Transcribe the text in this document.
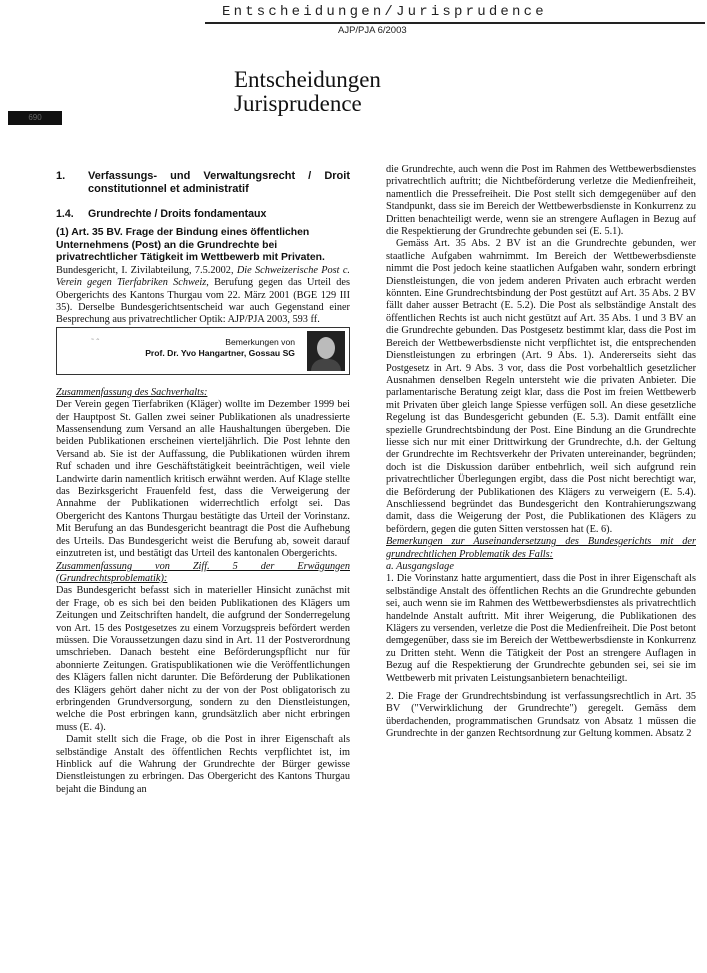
Entscheidungen/Jurisprudence
AJP/PJA 6/2003
690
Entscheidungen
Jurisprudence
1.	Verfassungs- und Verwaltungsrecht / Droit constitutionnel et administratif
1.4.	Grundrechte / Droits fondamentaux

(1) Art. 35 BV. Frage der Bindung eines öffentlichen Unternehmens (Post) an die Grundrechte bei privatrechtlicher Tätigkeit im Wettbewerb mit Privaten.

Bundesgericht, I. Zivilabteilung, 7.5.2002, Die Schweizerische Post c. Verein gegen Tierfabriken Schweiz, Berufung gegen das Urteil des Obergerichts des Kantons Thurgau vom 22. März 2001 (BGE 129 III 35). Derselbe Bundesgerichtsentscheid war auch Gegenstand einer Besprechung aus privatrechtlicher Optik: AJP/PJA 2003, 593 ff.

˜ ˆ	Bemerkungen von
Prof. Dr. Yvo Hangartner, Gossau SG

Zusammenfassung des Sachverhalts:

Der Verein gegen Tierfabriken (Kläger) wollte im Dezember 1999 bei der Hauptpost St. Gallen zwei seiner Publikationen als unadressierte Massensendung zum Versand an alle Haushaltungen übergeben. Die beiden Publikationen erscheinen vierteljährlich. Die Post lehnte den Versand ab. Sie ist der Auffassung, die Publikationen würden ihrem Ruf schaden und ihre Geschäftstätigkeit beeinträchtigen, weil viele Landwirte darin namentlich kritisch erwähnt werden. Auf Klage stellte das Bezirksgericht Frauenfeld fest, dass die Verweigerung der Annahme der Publikationen widerrechtlich erfolgt sei. Das Obergericht des Kantons Thurgau bestätigte das Urteil der Vorinstanz. Mit Berufung an das Bundesgericht beantragt die Post die Aufhebung des Urteils. Das Bundesgericht weist die Berufung ab, soweit darauf einzutreten ist, und bestätigt das Urteil des kantonalen Obergerichts.

Zusammenfassung von Ziff. 5 der Erwägungen (Grundrechtsproblematik):

Das Bundesgericht befasst sich in materieller Hinsicht zunächst mit der Frage, ob es sich bei den beiden Publikationen des Klägers um Zeitungen und Zeitschriften handelt, die aufgrund der Sonderregelung von Art. 15 des Postgesetzes zu einem Vorzugspreis befördert werden müssen. Die Voraussetzungen dazu sind in Art. 11 der Postverordnung umschrieben. Danach besteht eine Beförderungspflicht nur für abonnierte Zeitungen. Gratispublikationen wie die Veröffentlichungen des Klägers fallen nicht darunter. Die Beförderung der Publikationen des Klägers gehört daher nicht zu der von der Post obligatorisch zu erbringenden Grundversorgung, sondern zu den Dienstleistungen, welche die Post erbringen kann, grundsätzlich aber nicht erbringen muss (E. 4).

Damit stellt sich die Frage, ob die Post in ihrer Eigenschaft als selbständige Anstalt des öffentlichen Rechts verpflichtet ist, im Hinblick auf die Wahrung der Grundrechte der Bürger gewisse Dienstleistungen zu erbringen. Das Obergericht des Kantons Thurgau bejaht die Bindung an

die Grundrechte, auch wenn die Post im Rahmen des Wettbewerbsdienstes privatrechtlich auftritt; die Nichtbeförderung verletze die Medienfreiheit, namentlich die Pressefreiheit. Die Post stellt sich demgegenüber auf den Standpunkt, dass sie im Bereich der Wettbewerbsdienste in Konkurrenz zu Dritten benachteiligt werde, wenn sie an strengere Auflagen in Bezug auf die Respektierung der Grundrechte gebunden sei (E. 5.1).

Gemäss Art. 35 Abs. 2 BV ist an die Grundrechte gebunden, wer staatliche Aufgaben wahrnimmt. Im Bereich der Wettbewerbsdienste nimmt die Post jedoch keine staatlichen Aufgaben wahr, sondern erbringt Dienstleistungen, die von jedem anderen Privaten auch erbracht werden könnten. Eine Grundrechtsbindung der Post gestützt auf Art. 35 Abs. 2 BV fällt daher ausser Betracht (E. 5.2). Die Post als selbständige Anstalt des öffentlichen Rechts ist auch nicht gestützt auf Art. 35 Abs. 1 und 3 BV an die Grundrechte gebunden. Das Postgesetz bestimmt klar, dass die Post im Bereich der Wettbewerbsdienste nicht verpflichtet ist, die entsprechenden Dienstleistungen zu erbringen (Art. 9 Abs. 1). Andererseits sieht das Postgesetz in Art. 9 Abs. 3 vor, dass die Post vorbehaltlich gesetzlicher Ausnahmen denselben Regeln untersteht wie die privaten Anbieter. Die parlamentarische Beratung zeigt klar, dass die Post im freien Wettbewerb mit Privaten über gleich lange Spiesse verfügen soll. An diese gesetzliche Regelung ist das Bundesgericht gebunden (E. 5.3). Damit entfällt eine spezielle Grundrechtsbindung der Post. Eine Bindung an die Grundrechte liesse sich nur mit einer Drittwirkung der Grundrechte, d.h. der Geltung der Grundrechte im Rechtsverkehr der Privaten untereinander, begründen; doch ist die Diskussion darüber entbehrlich, weil sich aufgrund rein privatrechtlicher Überlegungen ergibt, dass die Post nicht berechtigt war, die Beförderung der Publikationen des Klägers zu verweigern (E. 5.4). Anschliessend begründet das Bundesgericht den Kontrahierungszwang damit, dass die Weigerung der Post, die Publikationen des Klägers zu befördern, gegen die guten Sitten verstossen hat (E. 6).

Bemerkungen zur Auseinandersetzung des Bundesgerichts mit der grundrechtlichen Problematik des Falls:

a. Ausgangslage

1. Die Vorinstanz hatte argumentiert, dass die Post in ihrer Eigenschaft als selbständige Anstalt des öffentlichen Rechts an die Grundrechte gebunden sei, auch wenn sie im Rahmen des Wettbewerbsdienstes als privatrechtlich handelnde Anstalt auftritt. Mit ihrer Weigerung, die Publikationen des Klägers zu versenden, verletze die Post die Medienfreiheit. Die Post betont demgegenüber, dass sie im Bereich der Wettbewerbsdienste in Konkurrenz zu Dritten steht. Wenn die Tätigkeit der Post an strengere Auflagen in Bezug auf die Respektierung der Grundrechte gebunden sei, sei sie im Wettbewerb mit privaten Leistungsanbietern benachteiligt.

2. Die Frage der Grundrechtsbindung ist verfassungsrechtlich in Art. 35 BV ("Verwirklichung der Grundrechte") geregelt. Gemäss dem überdachenden, programmatischen Grundsatz von Absatz 1 müssen die Grundrechte in der ganzen Rechtsordnung zur Geltung kommen. Absatz 2
